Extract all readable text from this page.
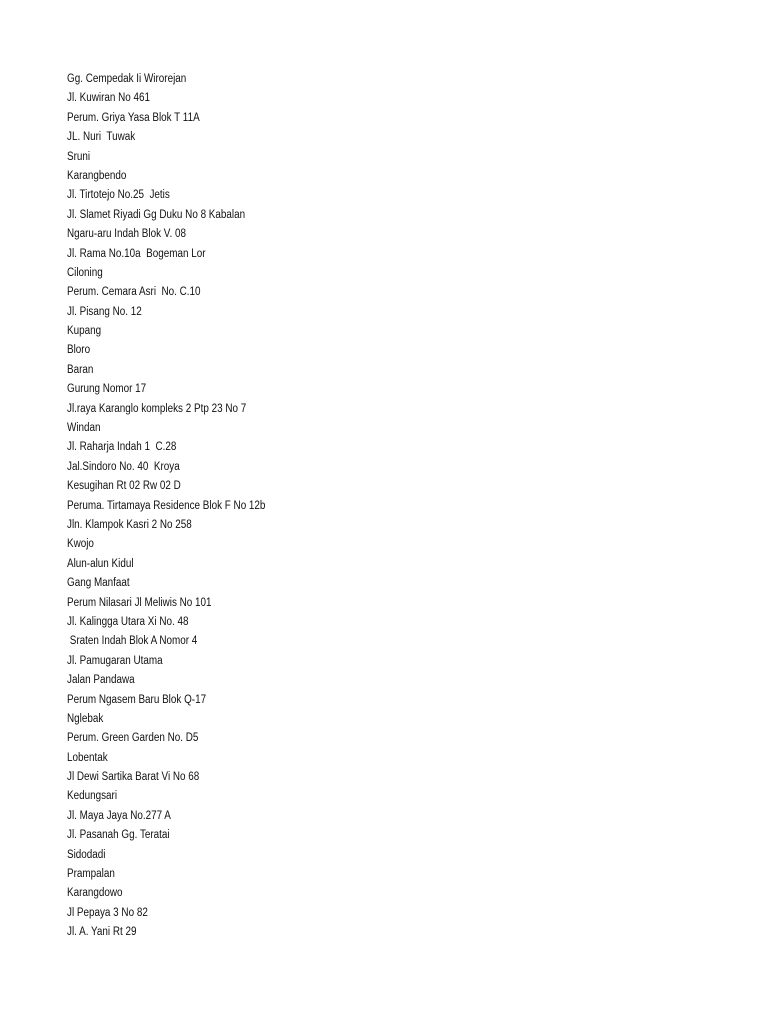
Gg. Cempedak Ii Wirorejan
Jl. Kuwiran No 461
Perum. Griya Yasa Blok T 11A
JL. Nuri  Tuwak
Sruni
Karangbendo
Jl. Tirtotejo No.25  Jetis
Jl. Slamet Riyadi Gg Duku No 8 Kabalan
Ngaru-aru Indah Blok V. 08
Jl. Rama No.10a  Bogeman Lor
Ciloning
Perum. Cemara Asri  No. C.10
Jl. Pisang No. 12
Kupang
Bloro
Baran
Gurung Nomor 17
Jl.raya Karanglo kompleks 2 Ptp 23 No 7
Windan
Jl. Raharja Indah 1  C.28
Jal.Sindoro No. 40  Kroya
Kesugihan Rt 02 Rw 02 D
Peruma. Tirtamaya Residence Blok F No 12b
Jln. Klampok Kasri 2 No 258
Kwojo
Alun-alun Kidul
Gang Manfaat
Perum Nilasari Jl Meliwis No 101
Jl. Kalingga Utara Xi No. 48
Sraten Indah Blok A Nomor 4
Jl. Pamugaran Utama
Jalan Pandawa
Perum Ngasem Baru Blok Q-17
Nglebak
Perum. Green Garden No. D5
Lobentak
Jl Dewi Sartika Barat Vi No 68
Kedungsari
Jl. Maya Jaya No.277 A
Jl. Pasanah Gg. Teratai
Sidodadi
Prampalan
Karangdowo
Jl Pepaya 3 No 82
Jl. A. Yani Rt 29
